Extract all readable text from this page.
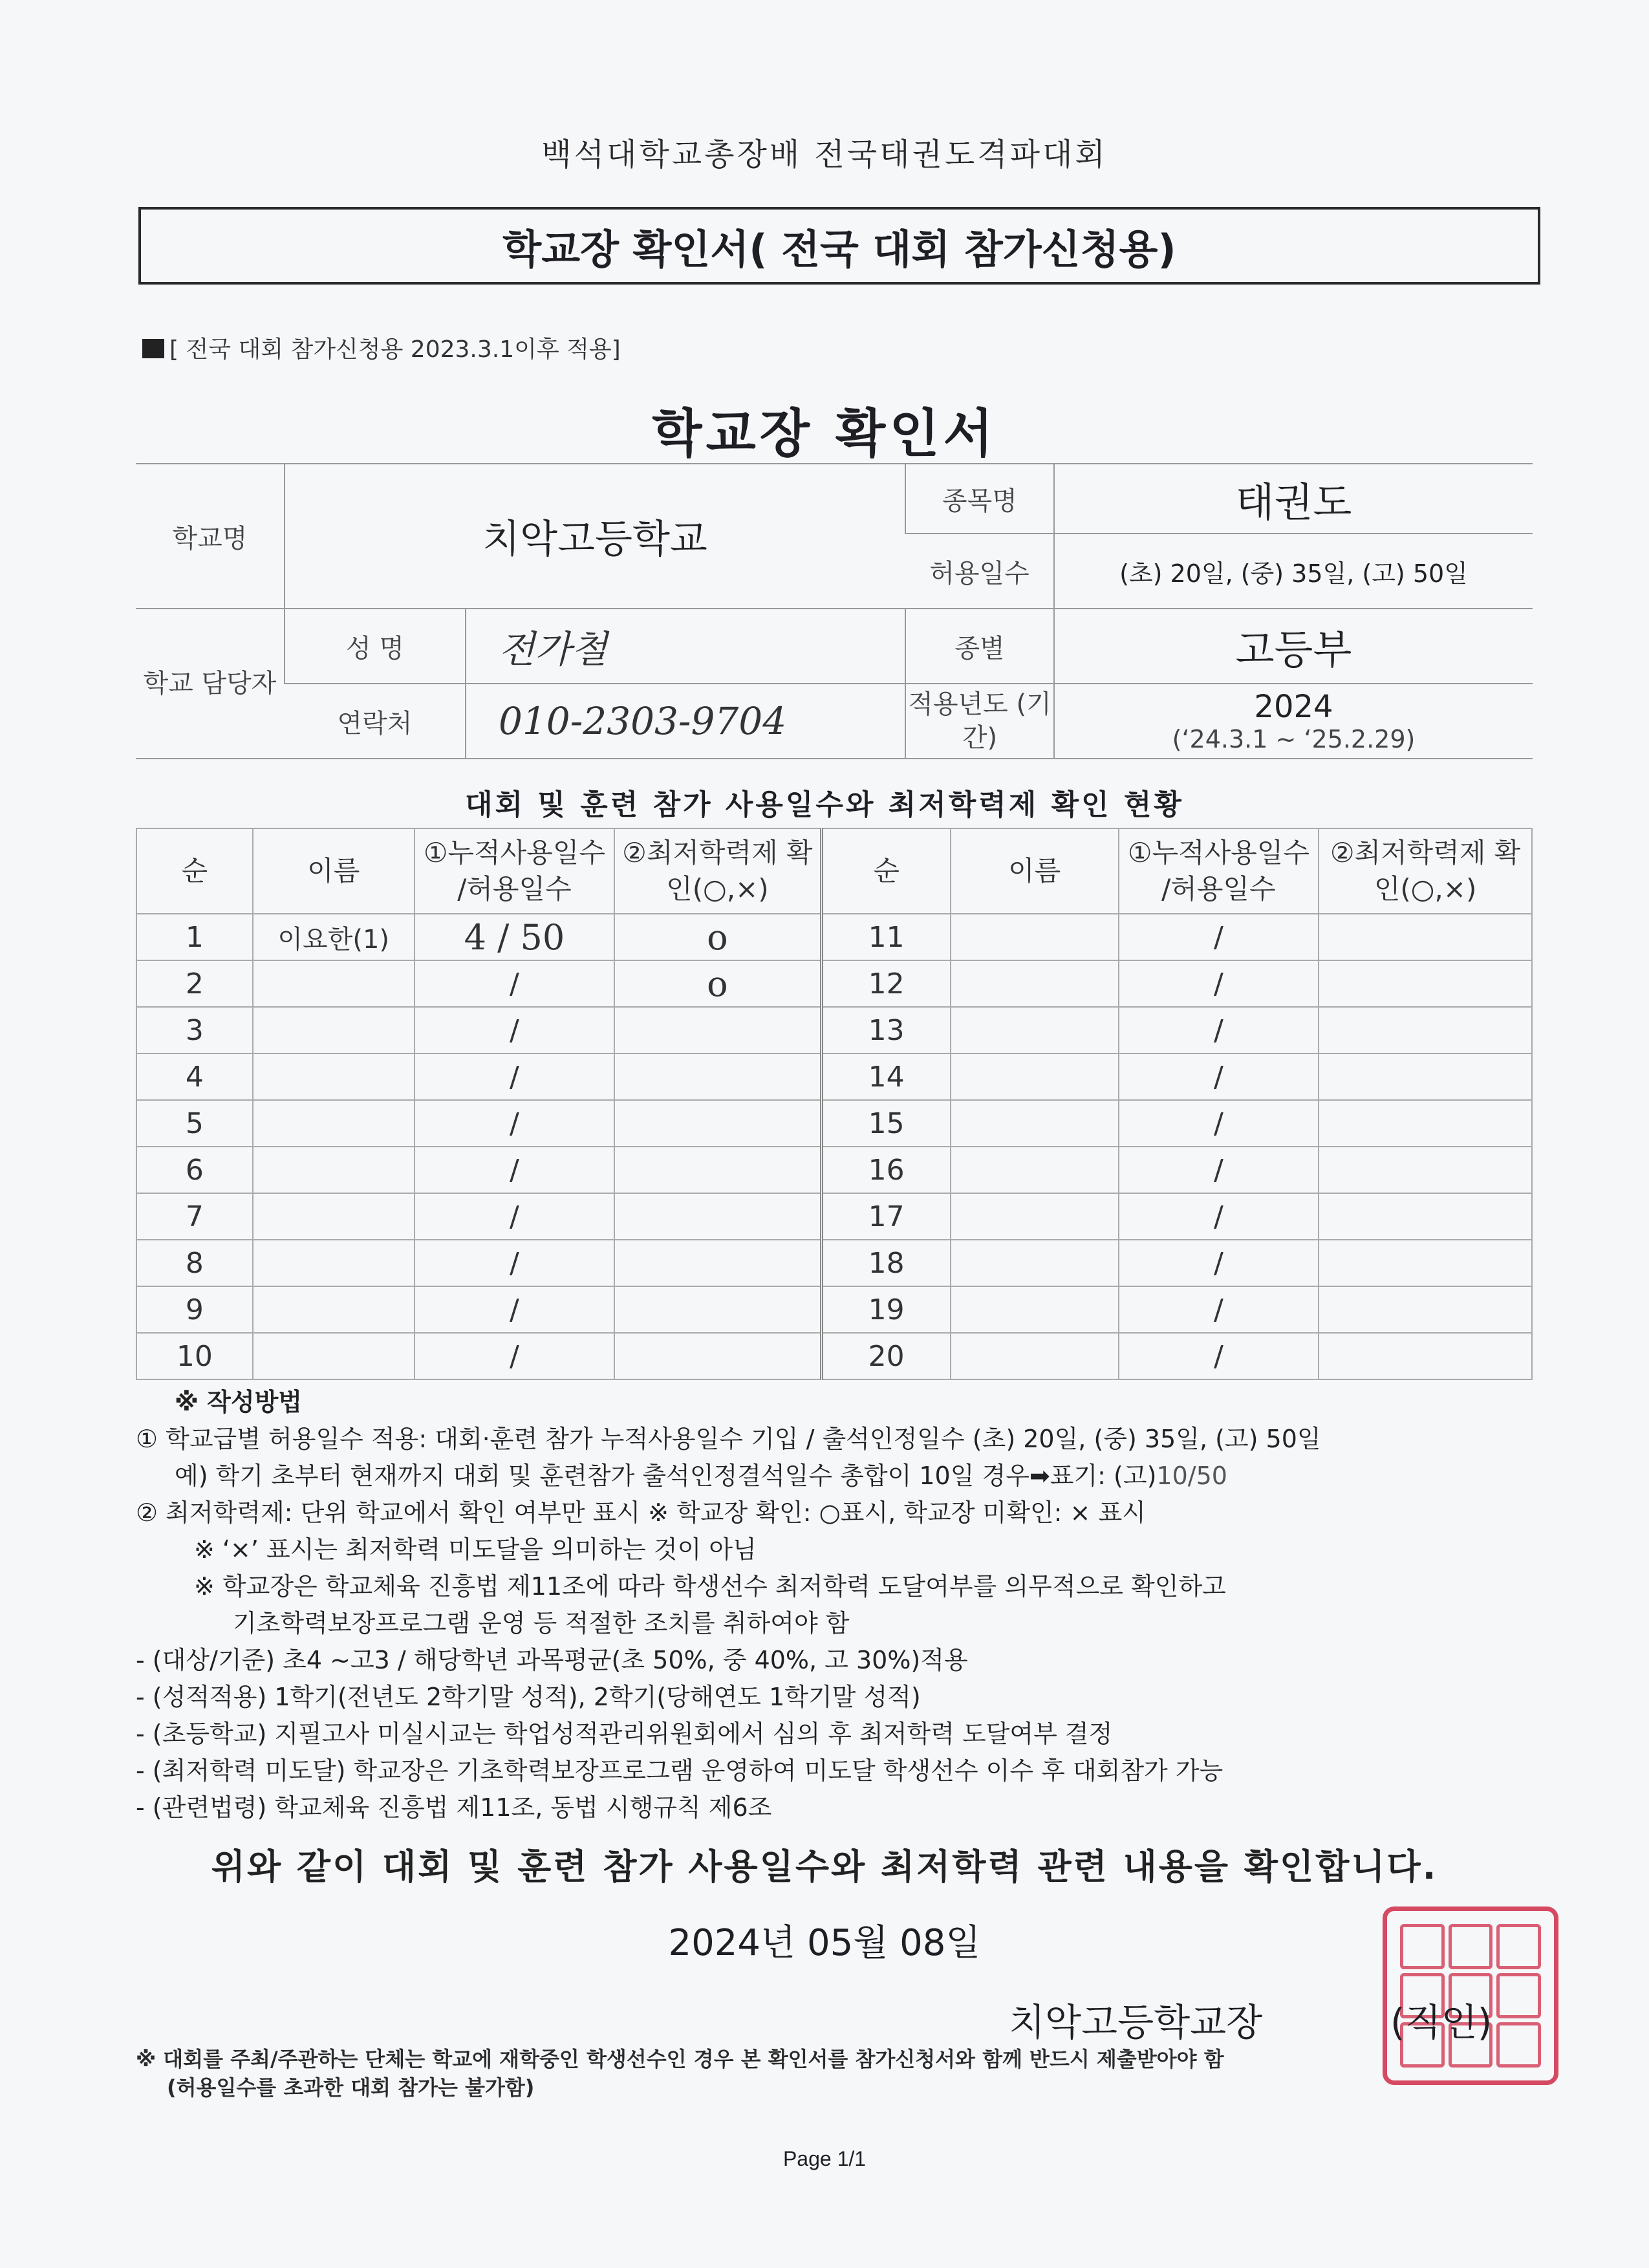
백석대학교총장배 전국태권도격파대회
학교장 확인서( 전국 대회 참가신청용)
[ 전국 대회 참가신청용 2023.3.1이후 적용]
학교장 확인서
학교명	치악고등학교		종목명	태권도
			허용일수	(초) 20일, (중) 35일, (고) 50일
학교 담당자	성 명	전가철	종별	고등부
	연락처	010-2303-9704	적용년도 (기간)	2024
(‘24.3.1 ~ ‘25.2.29)
대회 및 훈련 참가 사용일수와 최저학력제 확인 현황
순	이름	①누적사용일수 /허용일수	②최저학력제 확인(○,×)	순	이름	①누적사용일수 /허용일수	②최저학력제 확인(○,×)
1	이요한(1)	4 / 50	o	11		/	
2		/	o	12		/	
3		/		13		/	
4		/		14		/	
5		/		15		/	
6		/		16		/	
7		/		17		/	
8		/		18		/	
9		/		19		/	
10		/		20		/	
※ 작성방법
① 학교급별 허용일수 적용: 대회·훈련 참가 누적사용일수 기입 / 출석인정일수 (초) 20일, (중) 35일, (고) 50일
예) 학기 초부터 현재까지 대회 및 훈련참가 출석인정결석일수 총합이 10일 경우➡표기: (고)10/50
② 최저학력제: 단위 학교에서 확인 여부만 표시 ※ 학교장 확인: ○표시, 학교장 미확인: × 표시
※ ‘×’ 표시는 최저학력 미도달을 의미하는 것이 아님
※ 학교장은 학교체육 진흥법 제11조에 따라 학생선수 최저학력 도달여부를 의무적으로 확인하고
기초학력보장프로그램 운영 등 적절한 조치를 취하여야 함
- (대상/기준) 초4 ~고3 / 해당학년 과목평균(초 50%, 중 40%, 고 30%)적용
- (성적적용) 1학기(전년도 2학기말 성적), 2학기(당해연도 1학기말 성적)
- (초등학교) 지필고사 미실시교는 학업성적관리위원회에서 심의 후 최저학력 도달여부 결정
- (최저학력 미도달) 학교장은 기초학력보장프로그램 운영하여 미도달 학생선수 이수 후 대회참가 가능
- (관련법령) 학교체육 진흥법 제11조, 동법 시행규칙 제6조
위와 같이 대회 및 훈련 참가 사용일수와 최저학력 관련 내용을 확인합니다.
2024년 05월 08일
치악고등학교장	(직인)
※ 대회를 주최/주관하는 단체는 학교에 재학중인 학생선수인 경우 본 확인서를 참가신청서와 함께 반드시 제출받아야 함
(허용일수를 초과한 대회 참가는 불가함)
Page 1/1
